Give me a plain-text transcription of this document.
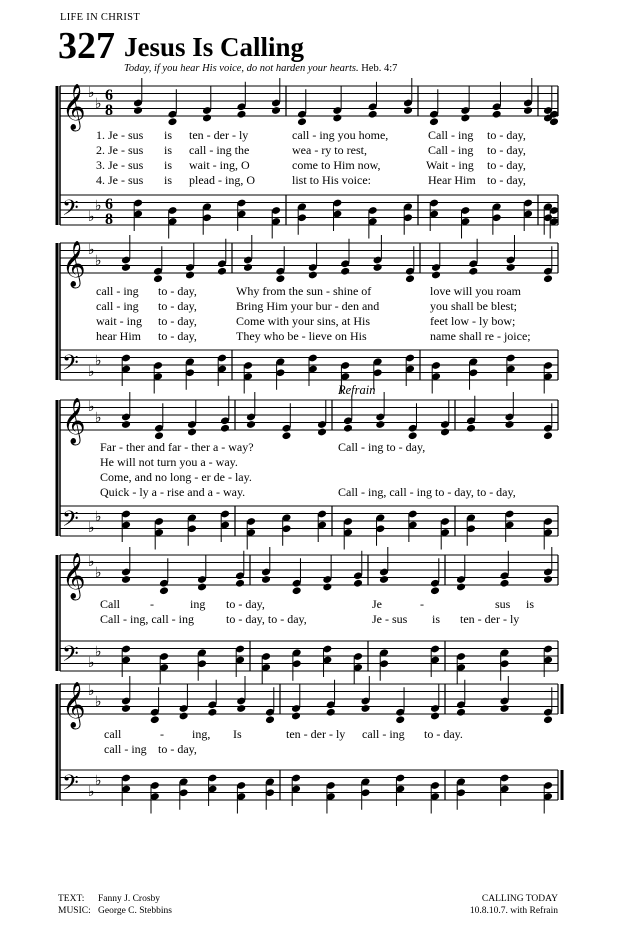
LIFE IN CHRIST
327 Jesus Is Calling
Today, if you hear His voice, do not harden your hearts. Heb. 4:7
𝄞 ♭
♭ 6
8
𝄢 ♭
♭ 6
8
𝄞 ♭
♭
𝄢 ♭
♭
𝄞 ♭
♭
𝄢 ♭
♭
𝄞 ♭
♭
𝄢 ♭
♭
𝄞 ♭
♭
𝄢 ♭
♭
1. Je - sus is ten - der - ly	call - ing you home,	Call - ing to - day,
2. Je - sus is call - ing the	wea - ry to rest,	Call - ing to - day,
3. Je - sus is wait - ing, O	come to Him now,	Wait - ing to - day,
4. Je - sus is plead - ing, O	list to His voice:	Hear Him to - day,
call - ing to - day,	Why from the sun - shine of	love will you roam
call - ing to - day,	Bring Him your bur - den and	you shall be blest;
wait - ing to - day,	Come with your sins, at His	feet low - ly bow;
hear Him to - day,	They who be - lieve on His	name shall re - joice;
Refrain
Far - ther and far - ther a - way?	Call - ing to - day,
He will not turn you a - way.
Come, and no long - er de - lay.
Quick - ly a - rise and a - way.	Call - ing, call - ing to - day, to - day,
Call	-	ing to - day,	Je	-	sus is
Call - ing, call - ing	to - day, to - day,	Je - sus is ten - der - ly
call	- ing, Is	ten - der - ly call - ing to - day.
call - ing to - day,
TEXT: Fanny J. Crosby
MUSIC: George C. Stebbins
CALLING TODAY
10.8.10.7. with Refrain
